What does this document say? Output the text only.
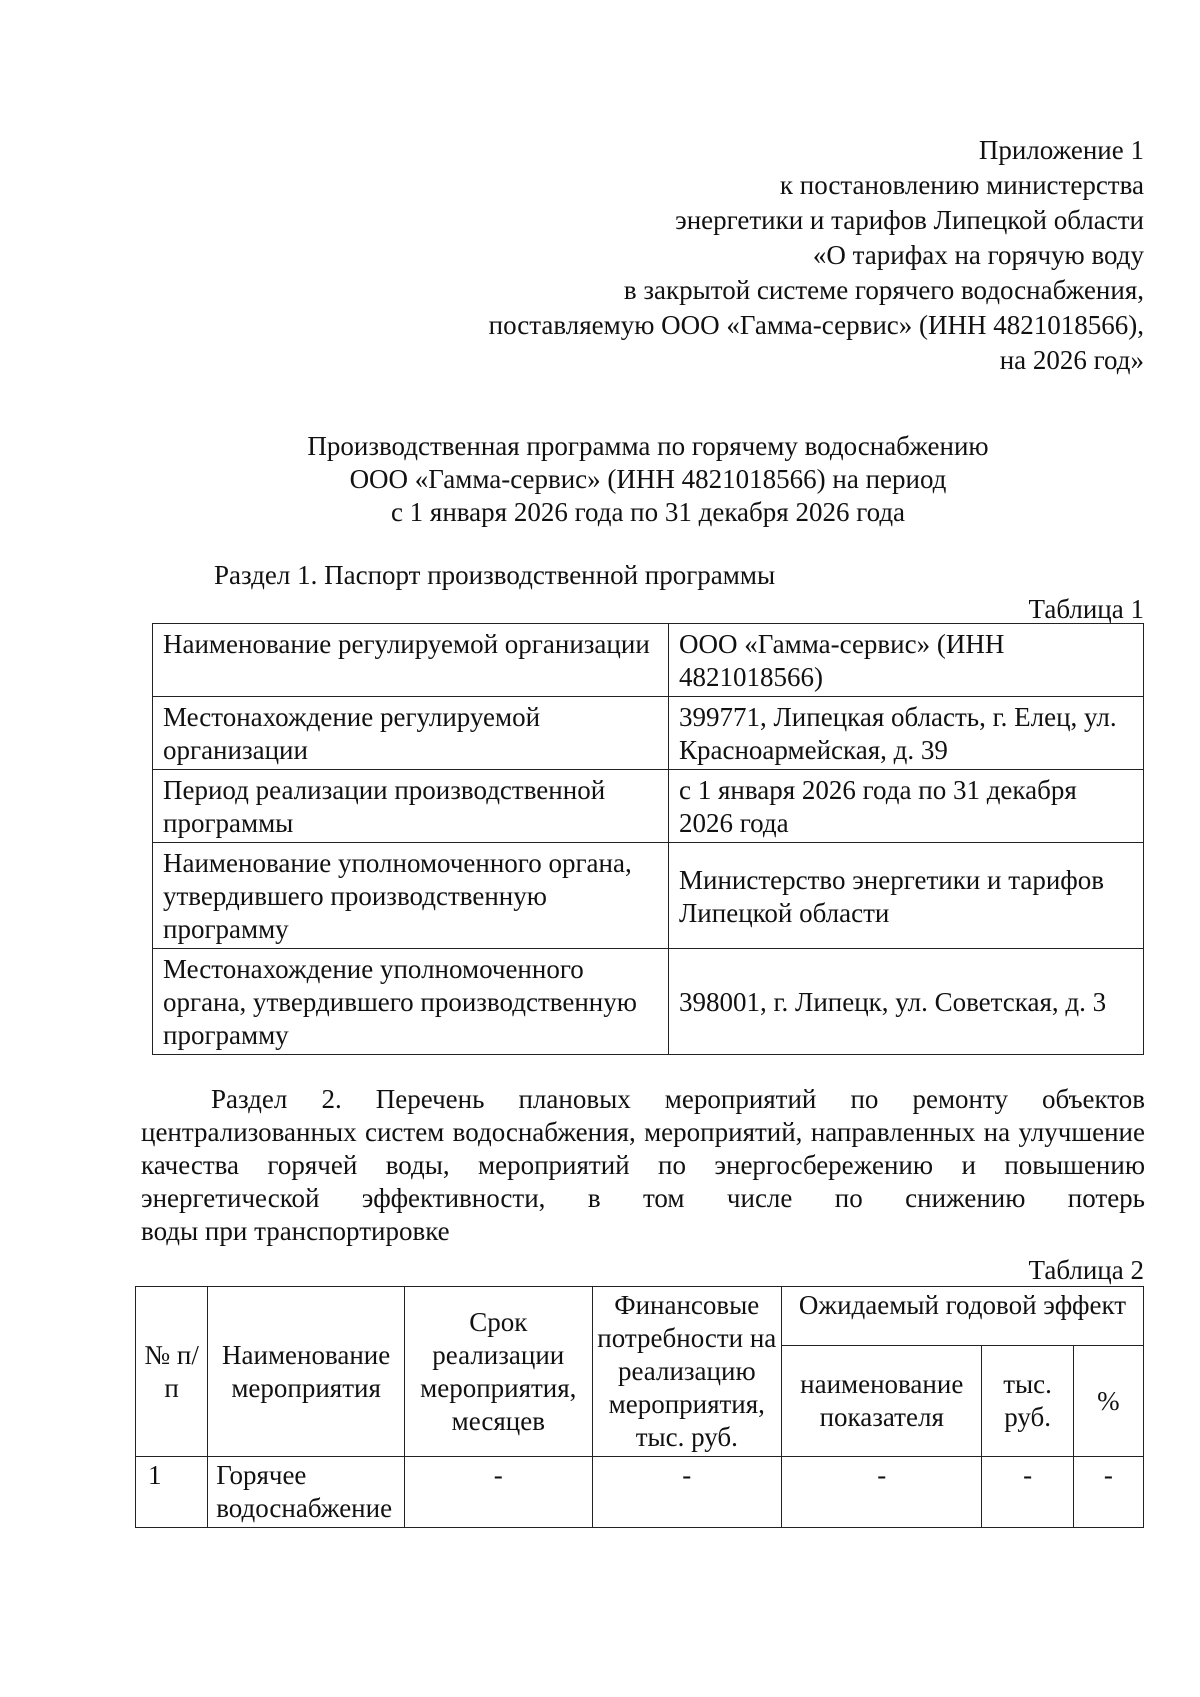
Приложение 1
к постановлению министерства
энергетики и тарифов Липецкой области
«О тарифах на горячую воду
в закрытой системе горячего водоснабжения,
поставляемую ООО «Гамма-сервис» (ИНН 4821018566),
на 2026 год»
Производственная программа по горячему водоснабжению
ООО «Гамма-сервис» (ИНН 4821018566) на период
с 1 января 2026 года по 31 декабря 2026 года
Раздел 1. Паспорт производственной программы
Таблица 1
Наименование регулируемой организации	ООО «Гамма-сервис» (ИНН 4821018566)
Местонахождение регулируемой организации	399771, Липецкая область, г. Елец, ул. Красноармейская, д. 39
Период реализации производственной программы	с 1 января 2026 года по 31 декабря 2026 года
Наименование уполномоченного органа, утвердившего производственную программу	Министерство энергетики и тарифов Липецкой области
Местонахождение уполномоченного органа, утвердившего производственную программу	398001, г. Липецк, ул. Советская, д. 3
Раздел 2. Перечень плановых мероприятий по ремонту объектов централизованных систем водоснабжения, мероприятий, направленных на улучшение качества горячей воды, мероприятий по энергосбережению и повышению энергетической эффективности, в том числе по снижению потерь
воды при транспортировке
Таблица 2
№ п/п	Наименование мероприятия	Срок реализации мероприятия, месяцев	Финансовые потребности на реализацию мероприятия, тыс. руб.	Ожидаемый годовой эффект		
				наименование показателя	тыс. руб.	%
1	Горячее водоснабжение	-	-	-	-	-
